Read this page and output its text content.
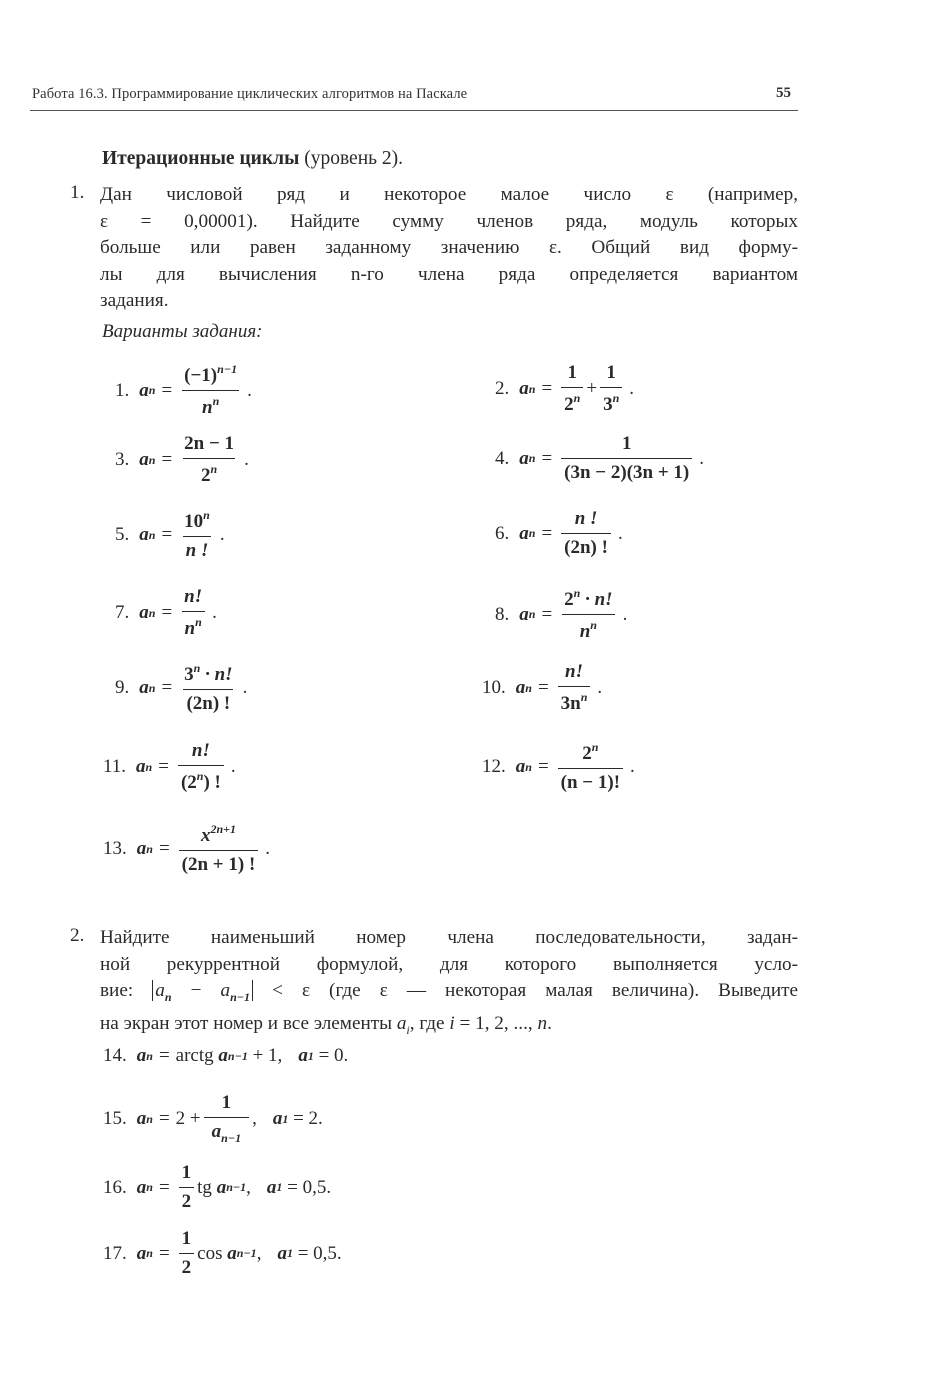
Работа 16.3. Программирование циклических алгоритмов на Паскале	55
Итерационные циклы (уровень 2).
1. Дан числовой ряд и некоторое малое число ε (например,
ε = 0,00001). Найдите сумму членов ряда, модуль которых
больше или равен заданному значению ε. Общий вид форму-
лы для вычисления n-го члена ряда определяется вариантом
задания.
Варианты задания:
1. a $n = \frac{(-1)^{n-1}}{n^n}$ .	2. a $n = \frac{1}{2^n} + \frac{1}{3^n}$ .
3. a $n = \frac{2n - 1}{2^n}$ .	4. a $n = \frac{1}{(3n - 2)(3n + 1)}$ .
5. a $n = \frac{10^n}{n !}$ .	6. a $n = \frac{n !}{(2n) !}$ .
7. a $n = \frac{n!}{n^n}$ .	8. a $n = \frac{2^n \cdot n!}{n^n}$ .
9. a $n = \frac{3^n \cdot n!}{(2n) !}$ .	10. a $n = \frac{n!}{3n^n}$ .
11. a $n = \frac{n!}{(2^n) !}$ .	12. a $n = \frac{2^n}{(n - 1)!}$ .
13. a $n = \frac{x^{2n+1}}{(2n + 1) !}$ .
2. Найдите наименьший номер члена последовательности, задан-
ной рекуррентной формулой, для которого выполняется усло-
вие: $a_n - a_{n-1} < \varepsilon$ (где ε — некоторая малая величина). Выведите
на экран этот номер и все элементы $a_i$, где i = 1, 2, ..., n.
14. a n = arctg
a n−1
+ 1, a 1
= 0.
15. a $n = 2 + \frac{1}{a_{n-1}}$ , a 1
= 2.
16. a $n = \frac{1}{2}$ tg
a n−1 , a 1
= 0,5.
17. a $n = \frac{1}{2}$ cos
a n−1 , a 1
= 0,5.
